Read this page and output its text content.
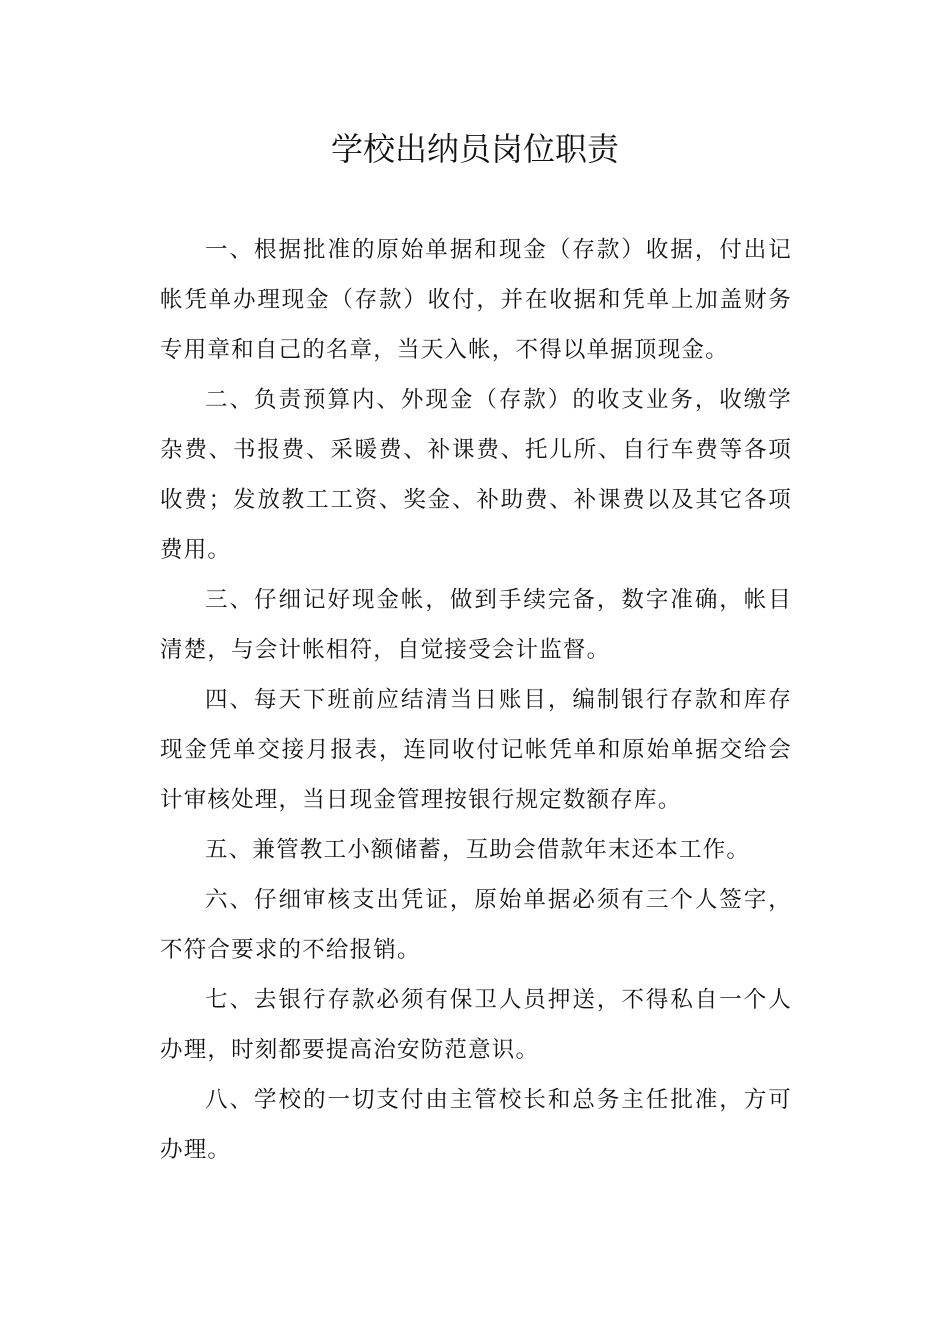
学校出纳员岗位职责

一、根据批准的原始单据和现金（存款）收据，付出记帐凭单办理现金（存款）收付，并在收据和凭单上加盖财务专用章和自己的名章，当天入帐，不得以单据顶现金。

二、负责预算内、外现金（存款）的收支业务，收缴学杂费、书报费、采暖费、补课费、托儿所、自行车费等各项收费；发放教工工资、奖金、补助费、补课费以及其它各项费用。

三、仔细记好现金帐，做到手续完备，数字准确，帐目清楚，与会计帐相符，自觉接受会计监督。

四、每天下班前应结清当日账目，编制银行存款和库存现金凭单交接月报表，连同收付记帐凭单和原始单据交给会计审核处理，当日现金管理按银行规定数额存库。

五、兼管教工小额储蓄，互助会借款年末还本工作。

六、仔细审核支出凭证，原始单据必须有三个人签字，不符合要求的不给报销。

七、去银行存款必须有保卫人员押送，不得私自一个人办理，时刻都要提高治安防范意识。

八、学校的一切支付由主管校长和总务主任批准，方可办理。
